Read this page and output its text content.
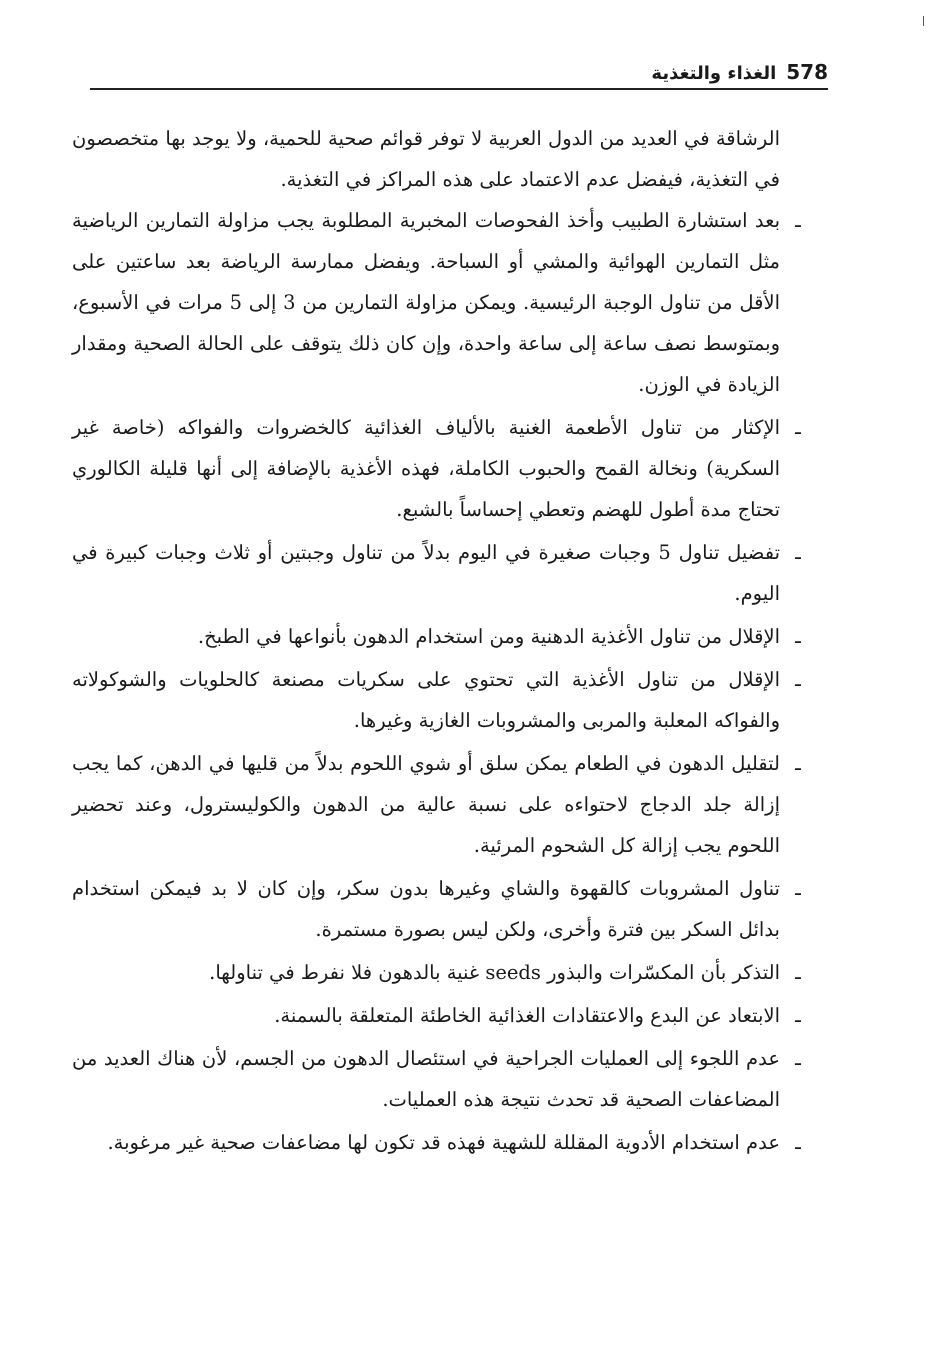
578
الغذاء والتغذية

الرشاقة في العديد من الدول العربية لا توفر قوائم صحية للحمية، ولا يوجد بها متخصصون في التغذية، فيفضل عدم الاعتماد على هذه المراكز في التغذية.

ـ
بعد استشارة الطبيب وأخذ الفحوصات المخبرية المطلوبة يجب مزاولة التمارين الرياضية مثل التمارين الهوائية والمشي أو السباحة. ويفضل ممارسة الرياضة بعد ساعتين على الأقل من تناول الوجبة الرئيسية. ويمكن مزاولة التمارين من 3 إلى 5 مرات في الأسبوع، وبمتوسط نصف ساعة إلى ساعة واحدة، وإن كان ذلك يتوقف على الحالة الصحية ومقدار الزيادة في الوزن.
ـ
الإكثار من تناول الأطعمة الغنية بالألياف الغذائية كالخضروات والفواكه (خاصة غير السكرية) ونخالة القمح والحبوب الكاملة، فهذه الأغذية بالإضافة إلى أنها قليلة الكالوري تحتاج مدة أطول للهضم وتعطي إحساساً بالشبع.
ـ
تفضيل تناول 5 وجبات صغيرة في اليوم بدلاً من تناول وجبتين أو ثلاث وجبات كبيرة في اليوم.
ـ
الإقلال من تناول الأغذية الدهنية ومن استخدام الدهون بأنواعها في الطبخ.
ـ
الإقلال من تناول الأغذية التي تحتوي على سكريات مصنعة كالحلويات والشوكولاته والفواكه المعلبة والمربى والمشروبات الغازية وغيرها.
ـ
لتقليل الدهون في الطعام يمكن سلق أو شوي اللحوم بدلاً من قليها في الدهن، كما يجب إزالة جلد الدجاج لاحتواءه على نسبة عالية من الدهون والكوليسترول، وعند تحضير اللحوم يجب إزالة كل الشحوم المرئية.
ـ
تناول المشروبات كالقهوة والشاي وغيرها بدون سكر، وإن كان لا بد فيمكن استخدام بدائل السكر بين فترة وأخرى، ولكن ليس بصورة مستمرة.
ـ
التذكر بأن المكسّرات والبذور seeds غنية بالدهون فلا نفرط في تناولها.
ـ
الابتعاد عن البدع والاعتقادات الغذائية الخاطئة المتعلقة بالسمنة.
ـ
عدم اللجوء إلى العمليات الجراحية في استئصال الدهون من الجسم، لأن هناك العديد من المضاعفات الصحية قد تحدث نتيجة هذه العمليات.
ـ
عدم استخدام الأدوية المقللة للشهية فهذه قد تكون لها مضاعفات صحية غير مرغوبة.
